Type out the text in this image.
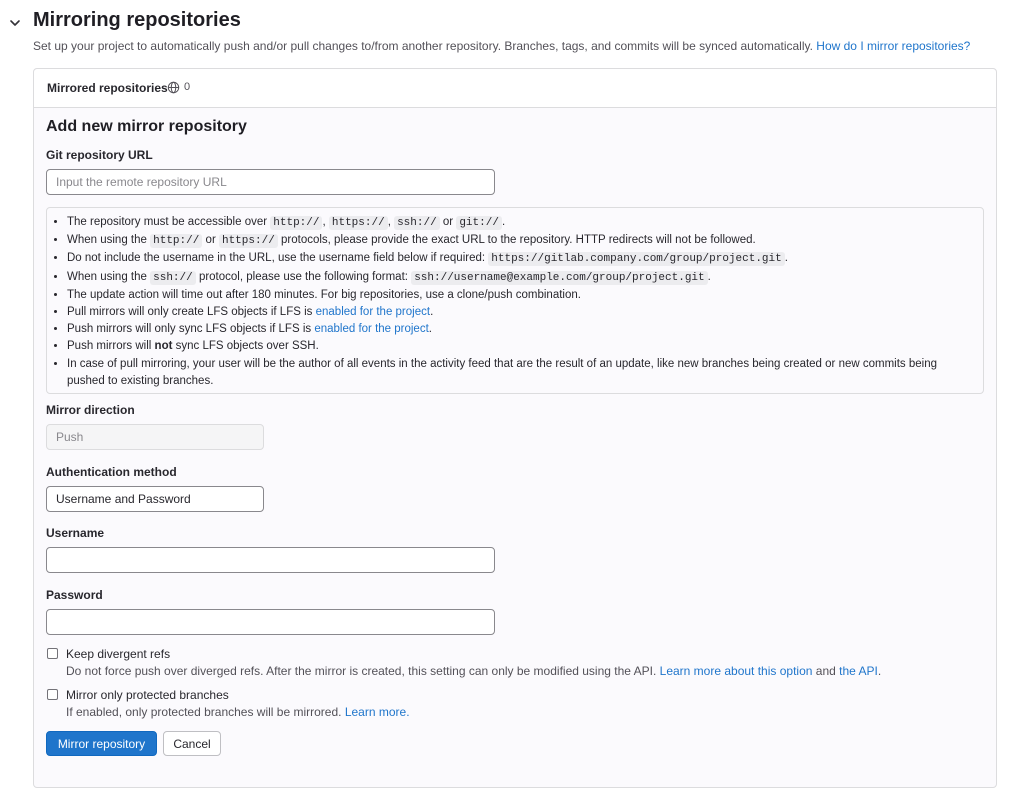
Mirroring repositories
Set up your project to automatically push and/or pull changes to/from another repository. Branches, tags, and commits will be synced automatically. How do I mirror repositories?
Mirrored repositories 0
Add new mirror repository
Git repository URL
Input the remote repository URL
• The repository must be accessible over http:// , https:// , ssh:// or git:// .
• When using the http:// or https:// protocols, please provide the exact URL to the repository. HTTP redirects will not be followed.
• Do not include the username in the URL, use the username field below if required: https://gitlab.company.com/group/project.git .
• When using the ssh:// protocol, please use the following format: ssh://username@example.com/group/project.git .
• The update action will time out after 180 minutes. For big repositories, use a clone/push combination.
• Pull mirrors will only create LFS objects if LFS is enabled for the project.
• Push mirrors will only sync LFS objects if LFS is enabled for the project.
• Push mirrors will not sync LFS objects over SSH.
• In case of pull mirroring, your user will be the author of all events in the activity feed that are the result of an update, like new branches being created or new commits being pushed to existing branches.
Mirror direction
Push
Authentication method
Username and Password
Username
Password
Keep divergent refs
Do not force push over diverged refs. After the mirror is created, this setting can only be modified using the API. Learn more about this option and the API.
Mirror only protected branches
If enabled, only protected branches will be mirrored. Learn more.
Mirror repository	Cancel
